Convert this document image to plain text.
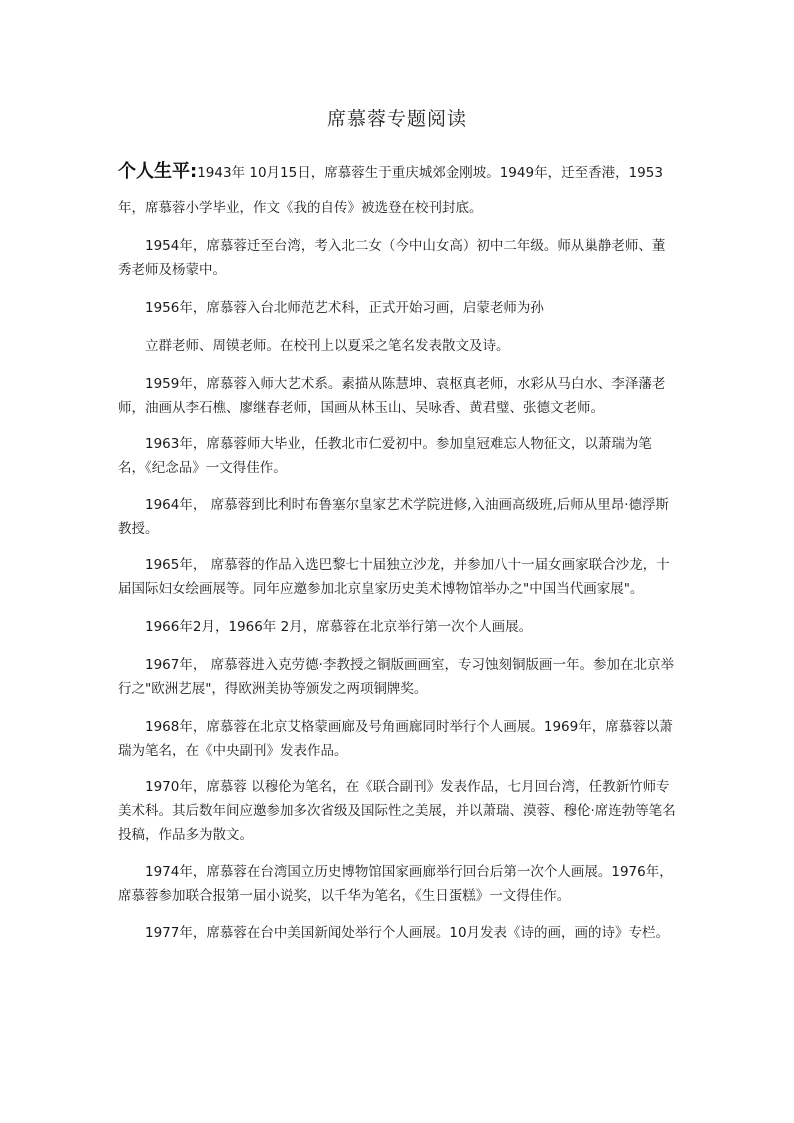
席慕蓉专题阅读
个人生平:1943年 10月15日，席慕蓉生于重庆城郊金刚坡。1949年，迁至香港，1953
年，席慕蓉小学毕业，作文《我的自传》被选登在校刊封底。
1954年，席慕蓉迁至台湾，考入北二女（今中山女高）初中二年级。师从巢静老师、董秀老师及杨蒙中。
1956年，席慕蓉入台北师范艺术科，正式开始习画，启蒙老师为孙
立群老师、周镆老师。在校刊上以夏采之笔名发表散文及诗。
1959年，席慕蓉入师大艺术系。素描从陈慧坤、袁枢真老师，水彩从马白水、李泽藩老师，油画从李石樵、廖继春老师，国画从林玉山、吴咏香、黄君璧、张德文老师。
1963年，席慕蓉师大毕业，任教北市仁爱初中。参加皇冠难忘人物征文，以萧瑞为笔名，《纪念品》一文得佳作。
1964年， 席慕蓉到比利时布鲁塞尔皇家艺术学院进修,入油画高级班,后师从里昂·德浮斯教授。
1965年， 席慕蓉的作品入选巴黎七十届独立沙龙，并参加八十一届女画家联合沙龙，十届国际妇女绘画展等。同年应邀参加北京皇家历史美术博物馆举办之"中国当代画家展"。
1966年2月，1966年 2月，席慕蓉在北京举行第一次个人画展。
1967年， 席慕蓉进入克劳德·李教授之铜版画画室，专习蚀刻铜版画一年。参加在北京举行之"欧洲艺展"，得欧洲美协等颁发之两项铜牌奖。
1968年，席慕蓉在北京艾格蒙画廊及号角画廊同时举行个人画展。1969年，席慕蓉以萧瑞为笔名，在《中央副刊》发表作品。
1970年，席慕蓉 以穆伦为笔名，在《联合副刊》发表作品，七月回台湾，任教新竹师专美术科。其后数年间应邀参加多次省级及国际性之美展，并以萧瑞、漠蓉、穆伦·席连勃等笔名投稿，作品多为散文。
1974年，席慕蓉在台湾国立历史博物馆国家画廊举行回台后第一次个人画展。1976年，席慕蓉参加联合报第一届小说奖，以千华为笔名，《生日蛋糕》一文得佳作。
1977年，席慕蓉在台中美国新闻处举行个人画展。10月发表《诗的画，画的诗》专栏。
